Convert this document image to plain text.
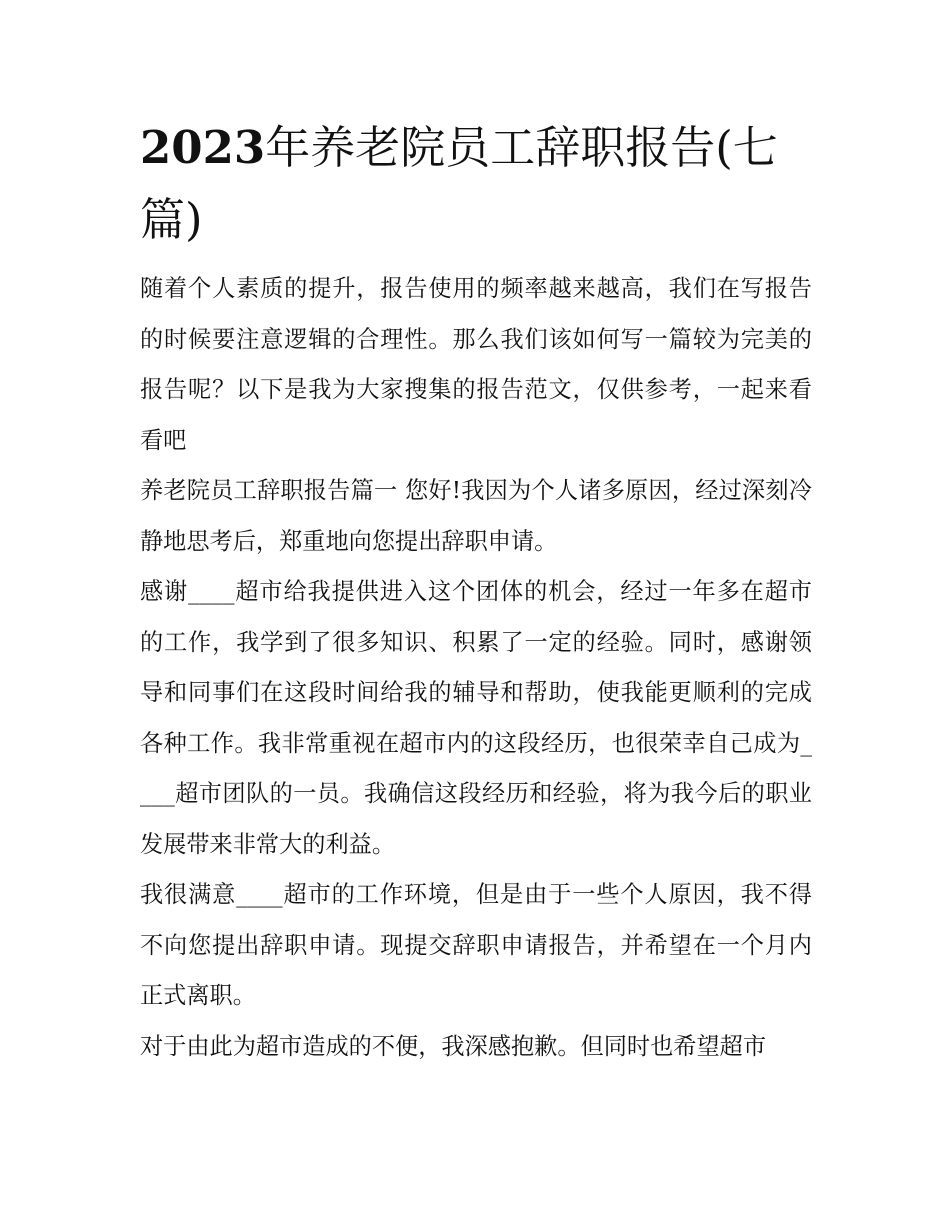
2023年养老院员工辞职报告(七篇)

随着个人素质的提升，报告使用的频率越来越高，我们在写报告的时候要注意逻辑的合理性。那么我们该如何写一篇较为完美的报告呢？以下是我为大家搜集的报告范文，仅供参考，一起来看看吧

养老院员工辞职报告篇一 您好!我因为个人诸多原因，经过深刻冷静地思考后，郑重地向您提出辞职申请。

感谢____超市给我提供进入这个团体的机会，经过一年多在超市的工作，我学到了很多知识、积累了一定的经验。同时，感谢领导和同事们在这段时间给我的辅导和帮助，使我能更顺利的完成各种工作。我非常重视在超市内的这段经历，也很荣幸自己成为____超市团队的一员。我确信这段经历和经验，将为我今后的职业发展带来非常大的利益。

我很满意____超市的工作环境，但是由于一些个人原因，我不得不向您提出辞职申请。现提交辞职申请报告，并希望在一个月内正式离职。

对于由此为超市造成的不便，我深感抱歉。但同时也希望超市
